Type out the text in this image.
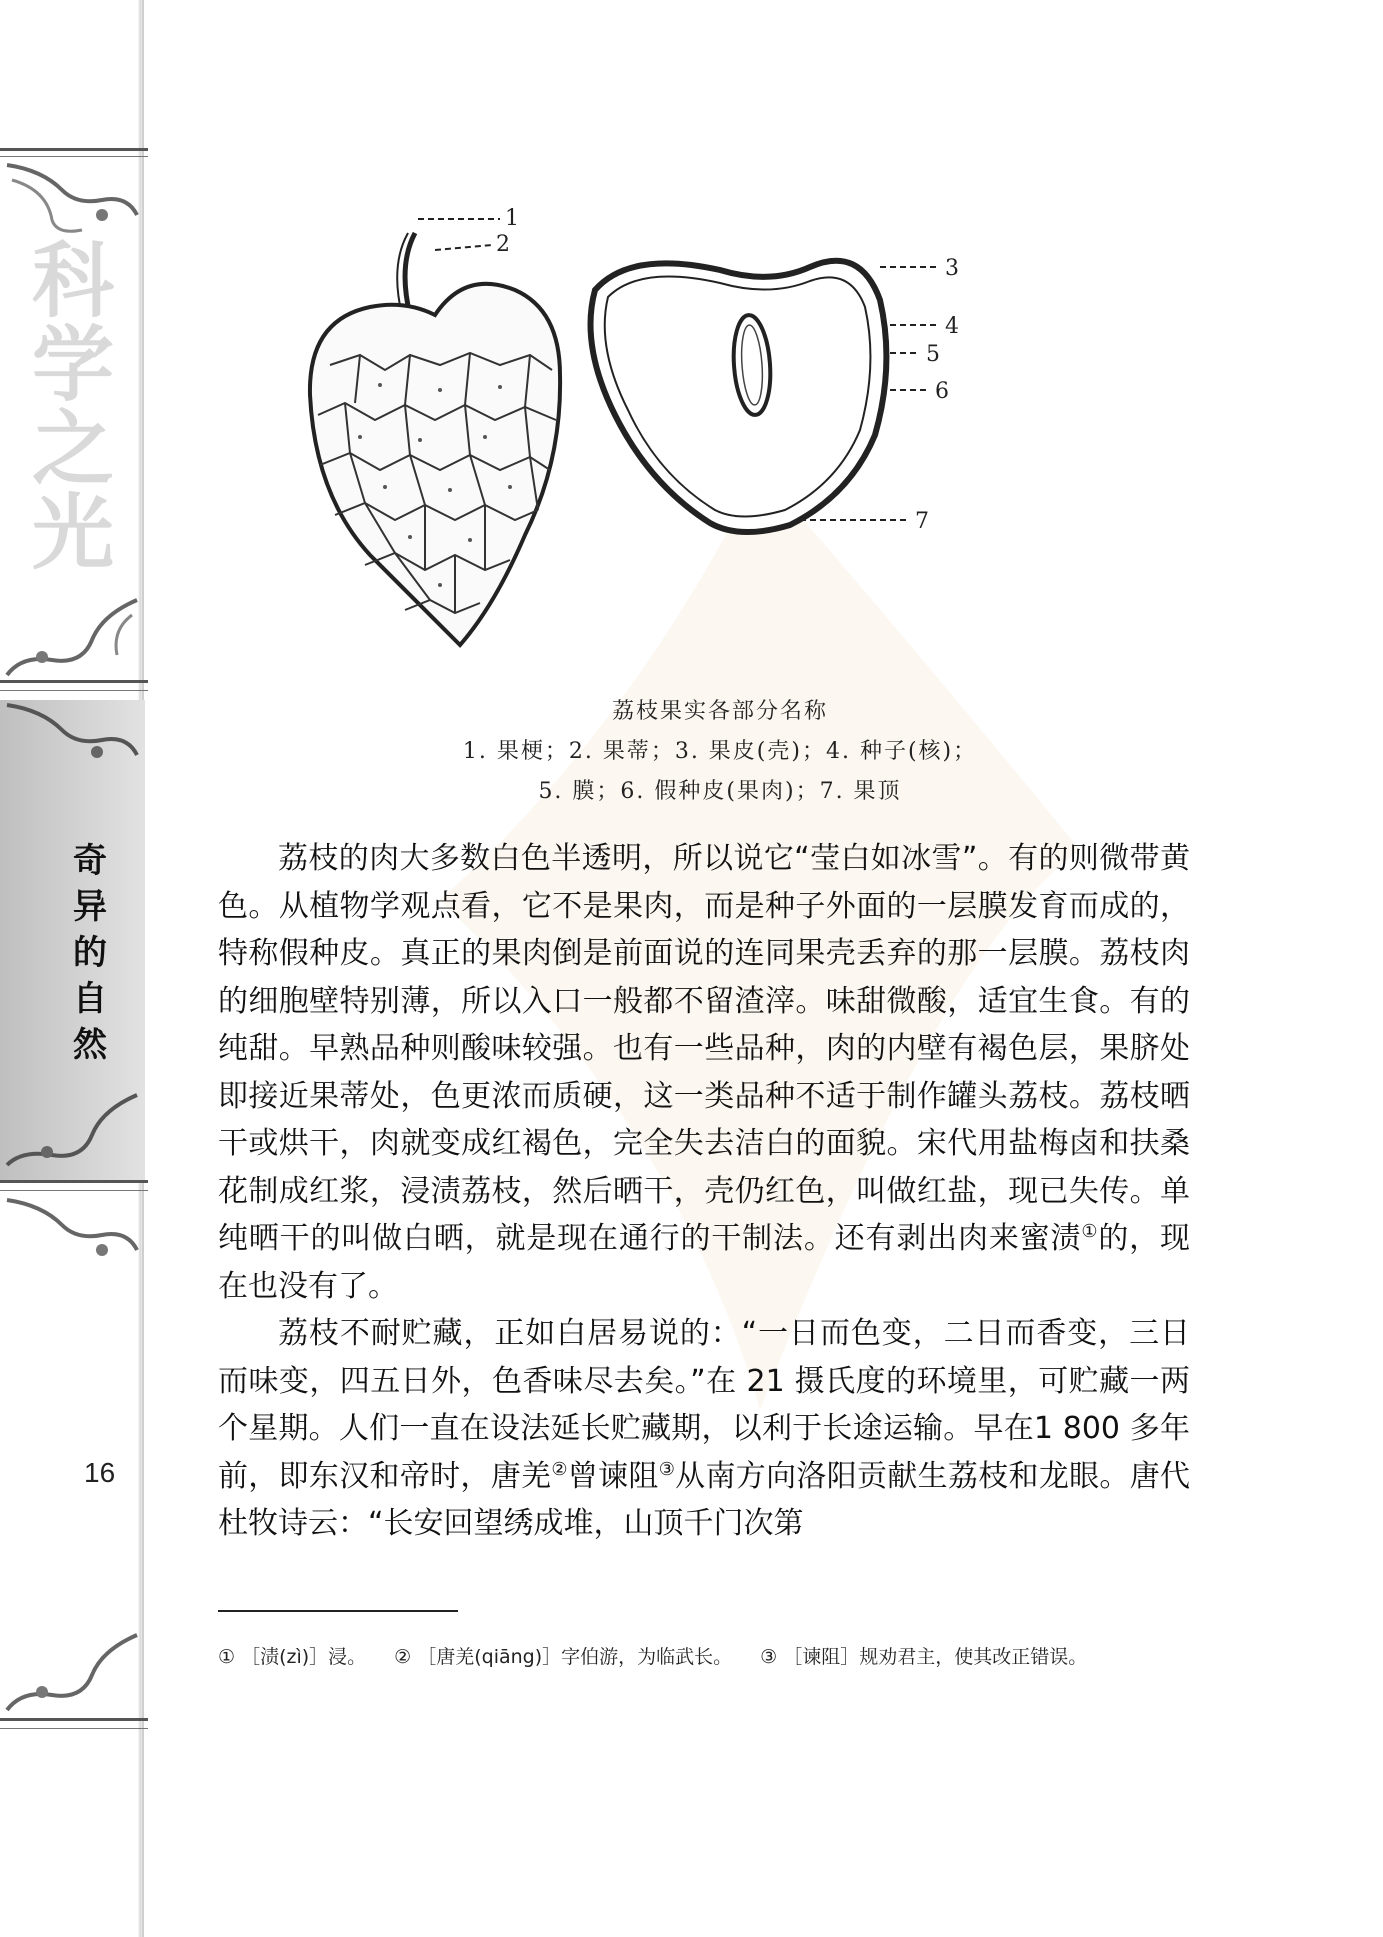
科
学
之
光
奇
异
的
自
然
16
1
2
3
4
5
6
7
荔枝果实各部分名称
1. 果梗；2. 果蒂；3. 果皮(壳)；4. 种子(核)；
5. 膜；6. 假种皮(果肉)；7. 果顶

荔枝的肉大多数白色半透明，所以说它“莹白如冰雪”。有的则微带黄色。从植物学观点看，它不是果肉，而是种子外面的一层膜发育而成的，特称假种皮。真正的果肉倒是前面说的连同果壳丢弃的那一层膜。荔枝肉的细胞壁特别薄，所以入口一般都不留渣滓。味甜微酸，适宜生食。有的纯甜。早熟品种则酸味较强。也有一些品种，肉的内壁有褐色层，果脐处即接近果蒂处，色更浓而质硬，这一类品种不适于制作罐头荔枝。荔枝晒干或烘干，肉就变成红褐色，完全失去洁白的面貌。宋代用盐梅卤和扶桑花制成红浆，浸渍荔枝，然后晒干，壳仍红色，叫做红盐，现已失传。单纯晒干的叫做白晒，就是现在通行的干制法。还有剥出肉来蜜渍①的，现在也没有了。

荔枝不耐贮藏，正如白居易说的：“一日而色变，二日而香变，三日而味变，四五日外，色香味尽去矣。”在 21 摄氏度的环境里，可贮藏一两个星期。人们一直在设法延长贮藏期，以利于长途运输。早在1 800 多年前，即东汉和帝时，唐羌②曾谏阻③从南方向洛阳贡献生荔枝和龙眼。唐代杜牧诗云：“长安回望绣成堆，山顶千门次第

① ［渍(zì)］浸。 ② ［唐羌(qiāng)］字伯游，为临武长。 ③ ［谏阻］规劝君主，使其改正错误。
